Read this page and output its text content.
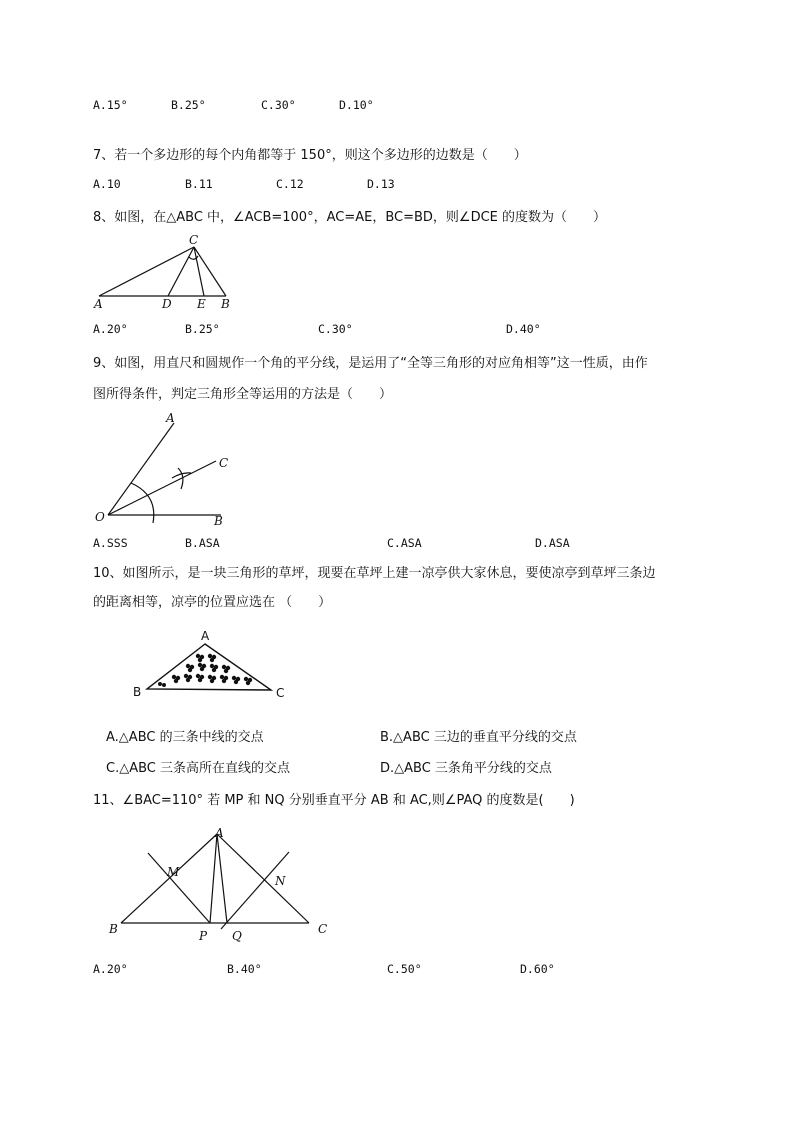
A.15°	B.25°	C.30°	D.10°
7、若一个多边形的每个内角都等于 150°，则这个多边形的边数是（　　）
A.10	B.11	C.12	D.13
8、如图，在△ABC 中，∠ACB=100°，AC=AE，BC=BD，则∠DCE 的度数为（　　）
C
A	D E B
A.20°	B.25°	C.30°	D.40°
9、如图，用直尺和圆规作一个角的平分线，是运用了“全等三角形的对应角相等”这一性质，由作
图所得条件，判定三角形全等运用的方法是（　　）
A
C
O	B
A.SSS	B.ASA	C.ASA	D.ASA
10、如图所示，是一块三角形的草坪，现要在草坪上建一凉亭供大家休息，要使凉亭到草坪三条边
的距离相等，凉亭的位置应选在 （　　）
A
B	C
A.△ABC 的三条中线的交点	B.△ABC 三边的垂直平分线的交点
C.△ABC 三条高所在直线的交点	D.△ABC 三条角平分线的交点
11、∠BAC=110° 若 MP 和 NQ 分别垂直平分 AB 和 AC,则∠PAQ 的度数是(　　)
A
M
N
B	P Q	C
A.20°	B.40°	C.50°	D.60°
